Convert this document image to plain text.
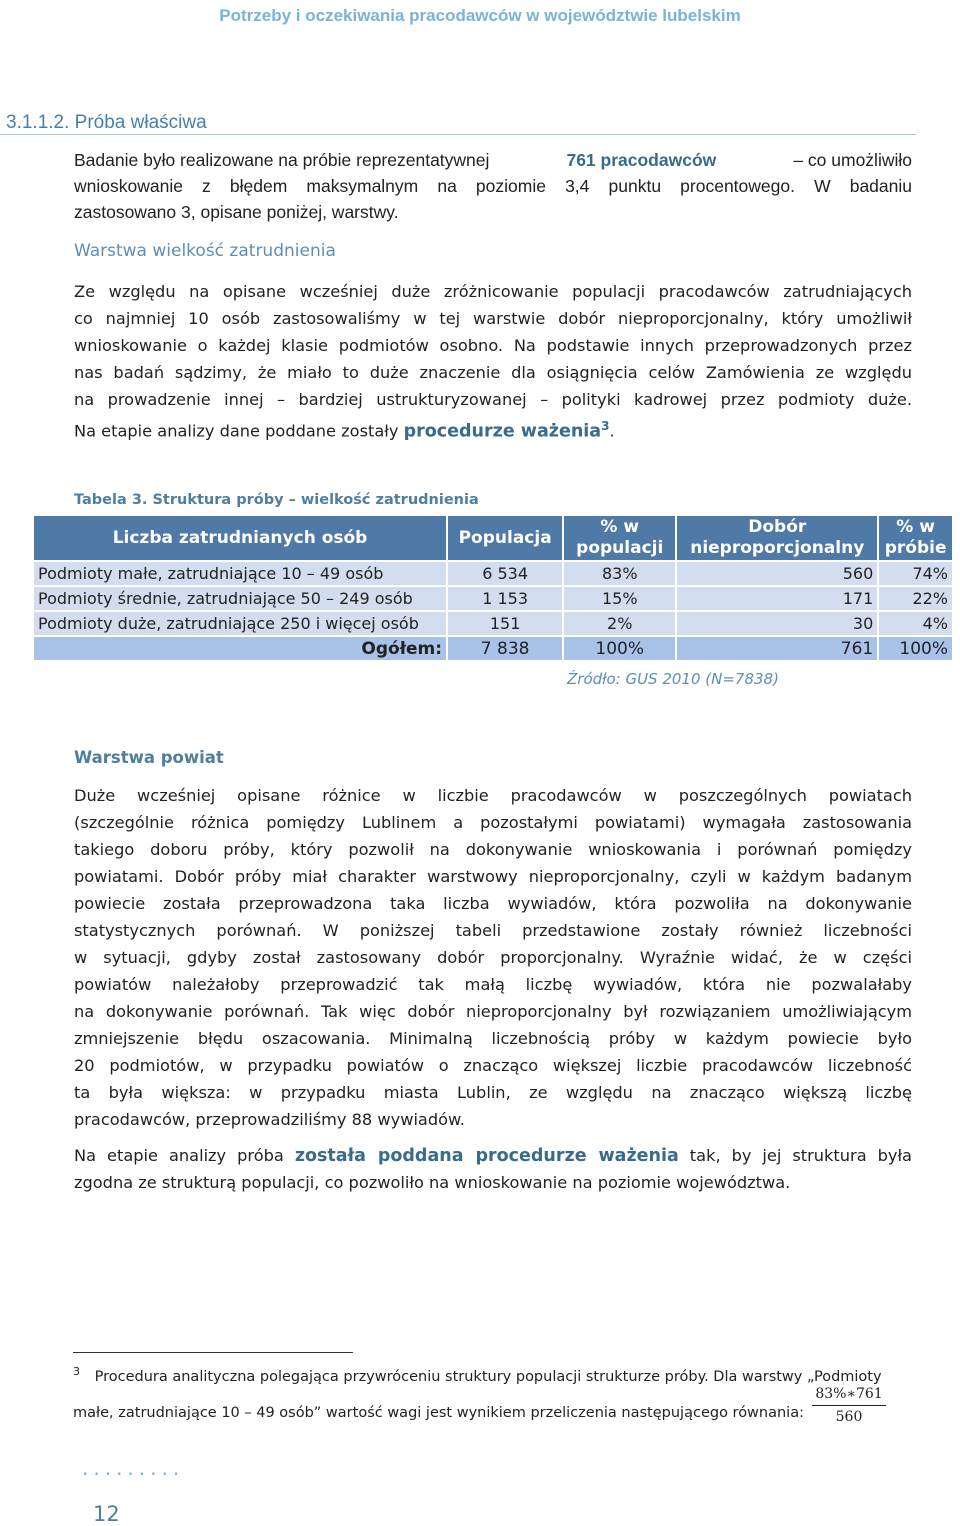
Potrzeby i oczekiwania pracodawców w województwie lubelskim
3.1.1.2. Próba właściwa
Badanie było realizowane na próbie reprezentatywnej	761 pracodawców	– co umożliwiło
wnioskowanie z błędem maksymalnym na poziomie 3,4 punktu procentowego. W badaniu
zastosowano 3, opisane poniżej, warstwy.
Warstwa wielkość zatrudnienia
Ze względu na opisane wcześniej duże zróżnicowanie populacji pracodawców zatrudniających
co najmniej 10 osób zastosowaliśmy w tej warstwie dobór nieproporcjonalny, który umożliwił
wnioskowanie o każdej klasie podmiotów osobno. Na podstawie innych przeprowadzonych przez
nas badań sądzimy, że miało to duże znaczenie dla osiągnięcia celów Zamówienia ze względu
na prowadzenie innej – bardziej ustrukturyzowanej – polityki kadrowej przez podmioty duże.
Na etapie analizy dane poddane zostały procedurze ważenia$^3$.
Tabela 3. Struktura próby – wielkość zatrudnienia
Liczba zatrudnianych osób	Populacja	% w populacji	Dobór nieproporcjonalny	% w próbie
Podmioty małe, zatrudniające 10 – 49 osób	6 534	83%	560	74%
Podmioty średnie, zatrudniające 50 – 249 osób	1 153	15%	171	22%
Podmioty duże, zatrudniające 250 i więcej osób	151	2%	30	4%
Ogółem:	7 838	100%	761	100%
Źródło: GUS 2010 (N=7838)
Warstwa powiat
Duże wcześniej opisane różnice w liczbie pracodawców w poszczególnych powiatach
(szczególnie różnica pomiędzy Lublinem a pozostałymi powiatami) wymagała zastosowania
takiego doboru próby, który pozwolił na dokonywanie wnioskowania i porównań pomiędzy
powiatami. Dobór próby miał charakter warstwowy nieproporcjonalny, czyli w każdym badanym
powiecie została przeprowadzona taka liczba wywiadów, która pozwoliła na dokonywanie
statystycznych porównań. W poniższej tabeli przedstawione zostały również liczebności
w sytuacji, gdyby został zastosowany dobór proporcjonalny. Wyraźnie widać, że w części
powiatów należałoby przeprowadzić tak małą liczbę wywiadów, która nie pozwalałaby
na dokonywanie porównań. Tak więc dobór nieproporcjonalny był rozwiązaniem umożliwiającym
zmniejszenie błędu oszacowania. Minimalną liczebnością próby w każdym powiecie było
20 podmiotów, w przypadku powiatów o znacząco większej liczbie pracodawców liczebność
ta była większa: w przypadku miasta Lublin, ze względu na znacząco większą liczbę
pracodawców, przeprowadziliśmy 88 wywiadów.
Na etapie analizy próba została poddana procedurze ważenia tak, by jej struktura była
zgodna ze strukturą populacji, co pozwoliło na wnioskowanie na poziomie województwa.
$^3$ Procedura analityczna polegająca przywróceniu struktury populacji strukturze próby. Dla warstwy „Podmioty
małe, zatrudniające 10 – 49 osób” wartość wagi jest wynikiem przeliczenia następującego równania:
83%∗761
560
·········
12
